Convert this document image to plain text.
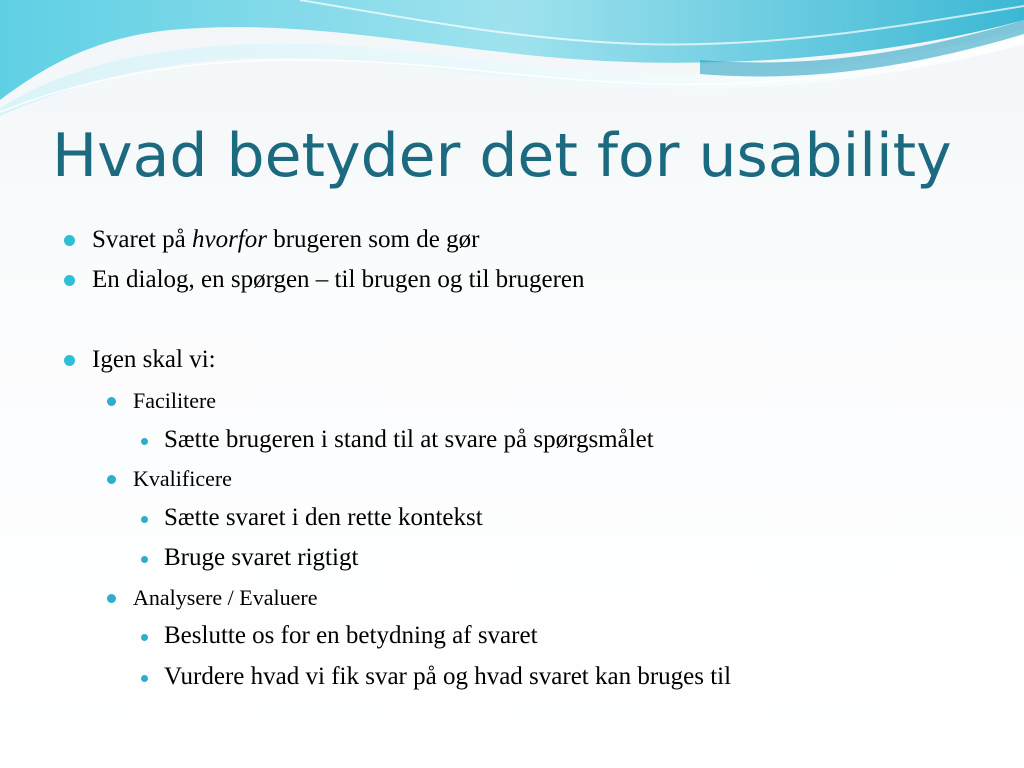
Hvad betyder det for usability
Svaret på hvorfor brugeren som de gør
En dialog, en spørgen – til brugen og til brugeren
Igen skal vi:
Facilitere
Sætte brugeren i stand til at svare på spørgsmålet
Kvalificere
Sætte svaret i den rette kontekst
Bruge svaret rigtigt
Analysere / Evaluere
Beslutte os for en betydning af svaret
Vurdere hvad vi fik svar på og hvad svaret kan bruges til
